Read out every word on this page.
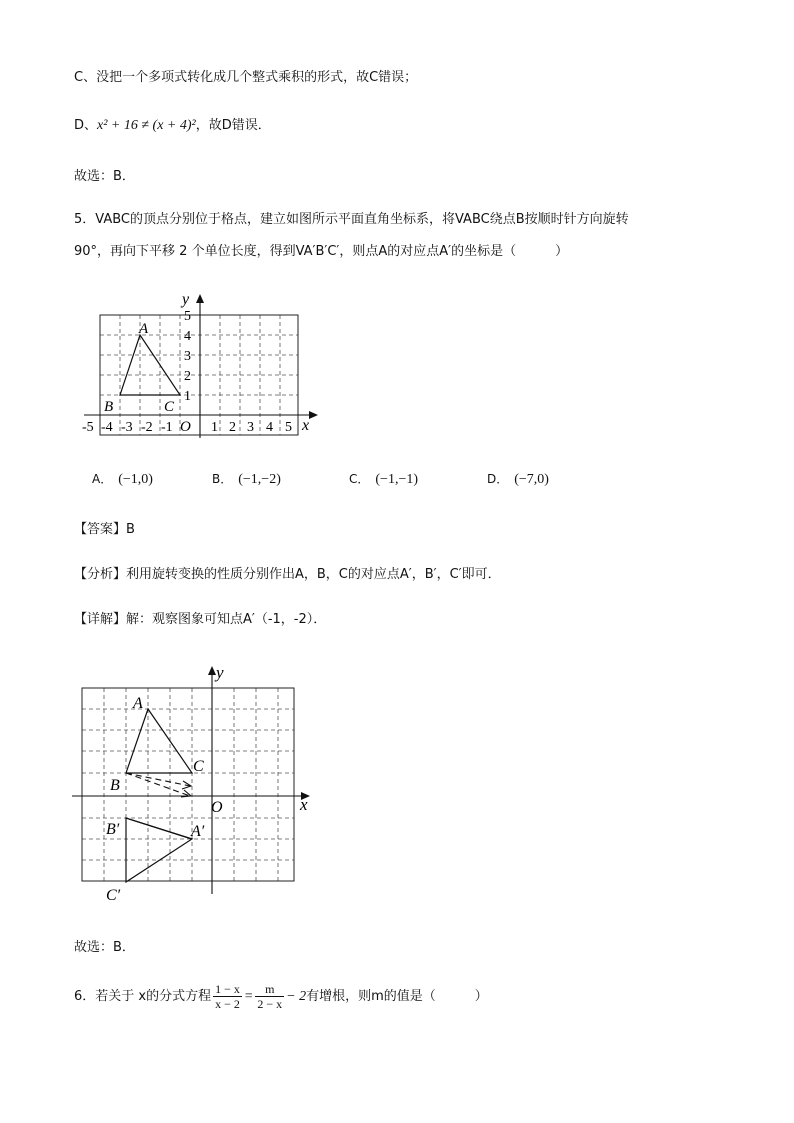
C、没把一个多项式转化成几个整式乘积的形式，故C错误；
D、x² + 16 ≠ (x + 4)²，故D错误．
故选：B．
5．VABC的顶点分别位于格点，建立如图所示平面直角坐标系，将VABC绕点B按顺时针方向旋转
90°，再向下平移 2 个单位长度，得到VA′B′C′，则点A的对应点A′的坐标是（　　　）
y
x
O
A
B	C
5
4
3
2
1
-5 -4 -3 -2 -1	1 2 3 4 5
A． (−1,0)	B． (−1,−2)	C． (−1,−1)	D． (−7,0)
【答案】B
【分析】利用旋转变换的性质分别作出A，B，C的对应点A′，B′，C′即可．
【详解】解：观察图象可知点A′（-1，-2）．
y
x
O
A
B
C
A′
B′
C′
故选：B．
6．若关于 x的分式方程 $\frac{1 - x}{x - 2} = \frac{m}{2 - x} - 2$有增根，则m的值是（　　　）
